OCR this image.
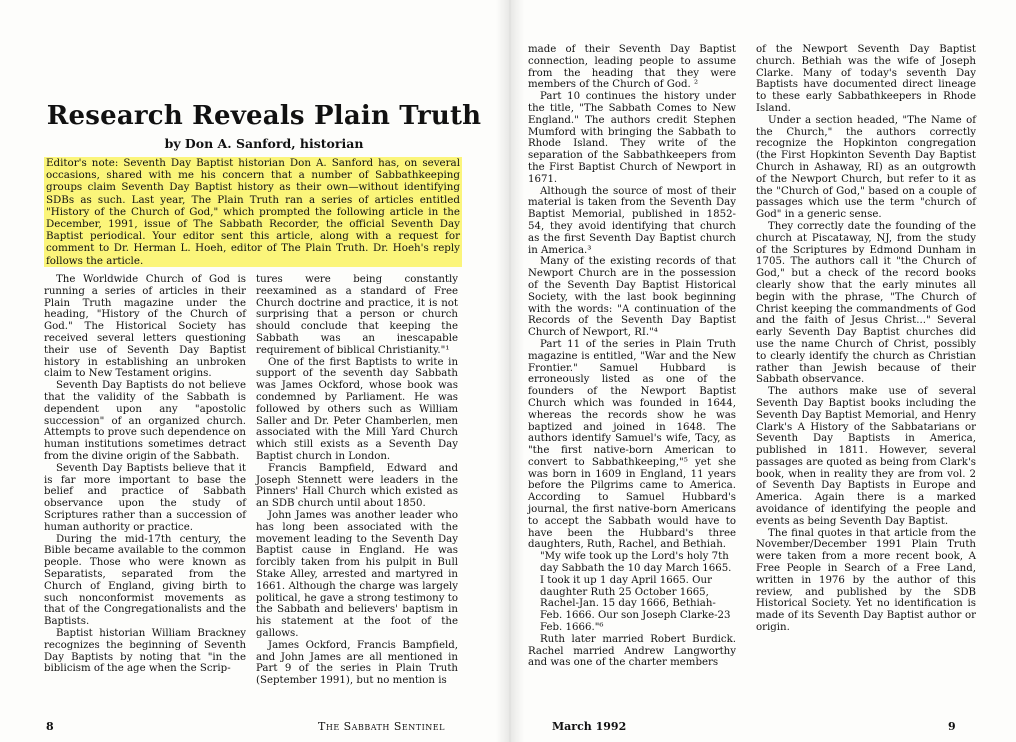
Research Reveals Plain Truth
by Don A. Sanford, historian
Editor's note: Seventh Day Baptist historian Don A. Sanford has, on several occasions, shared with me his concern that a number of Sabbathkeeping groups claim Seventh Day Baptist history as their own—without identifying SDBs as such. Last year, The Plain Truth ran a series of articles entitled "History of the Church of God," which prompted the following article in the December, 1991, issue of The Sabbath Recorder, the official Seventh Day Baptist periodical. Your editor sent this article, along with a request for comment to Dr. Herman L. Hoeh, editor of The Plain Truth. Dr. Hoeh's reply follows the article.

The Worldwide Church of God is running a series of articles in their Plain Truth magazine under the heading, "History of the Church of God." The Historical Society has received several letters questioning their use of Seventh Day Baptist history in establishing an unbroken claim to New Testament origins.

Seventh Day Baptists do not believe that the validity of the Sabbath is dependent upon any "apostolic succession" of an organized church. Attempts to prove such dependence on human institutions sometimes detract from the divine origin of the Sabbath.

Seventh Day Baptists believe that it is far more important to base the belief and practice of Sabbath observance upon the study of Scriptures rather than a succession of human authority or practice.

During the mid-17th century, the Bible became available to the common people. Those who were known as Separatists, separated from the Church of England, giving birth to such nonconformist movements as that of the Congregationalists and the Baptists.

Baptist historian William Brackney recognizes the beginning of Seventh Day Baptists by noting that "in the biblicism of the age when the Scrip-

tures were being constantly reexamined as a standard of Free Church doctrine and practice, it is not surprising that a person or church should conclude that keeping the Sabbath was an inescapable requirement of biblical Christianity."¹

One of the first Baptists to write in support of the seventh day Sabbath was James Ockford, whose book was condemned by Parliament. He was followed by others such as William Saller and Dr. Peter Chamberlen, men associated with the Mill Yard Church which still exists as a Seventh Day Baptist church in London.

Francis Bampfield, Edward and Joseph Stennett were leaders in the Pinners' Hall Church which existed as an SDB church until about 1850.

John James was another leader who has long been associated with the movement leading to the Seventh Day Baptist cause in England. He was forcibly taken from his pulpit in Bull Stake Alley, arrested and martyred in 1661. Although the charge was largely political, he gave a strong testimony to the Sabbath and believers' baptism in his statement at the foot of the gallows.

James Ockford, Francis Bampfield, and John James are all mentioned in Part 9 of the series in Plain Truth (September 1991), but no mention is

8	The Sabbath Sentinel

made of their Seventh Day Baptist connection, leading people to assume from the heading that they were members of the Church of God. ²

Part 10 continues the history under the title, "The Sabbath Comes to New England." The authors credit Stephen Mumford with bringing the Sabbath to Rhode Island. They write of the separation of the Sabbathkeepers from the First Baptist Church of Newport in 1671.

Although the source of most of their material is taken from the Seventh Day Baptist Memorial, published in 1852-54, they avoid identifying that church as the first Seventh Day Baptist church in America.³

Many of the existing records of that Newport Church are in the possession of the Seventh Day Baptist Historical Society, with the last book beginning with the words: "A continuation of the Records of the Seventh Day Baptist Church of Newport, RI."⁴

Part 11 of the series in Plain Truth magazine is entitled, "War and the New Frontier." Samuel Hubbard is erroneously listed as one of the founders of the Newport Baptist Church which was founded in 1644, whereas the records show he was baptized and joined in 1648. The authors identify Samuel's wife, Tacy, as "the first native-born American to convert to Sabbathkeeping,"⁵ yet she was born in 1609 in England, 11 years before the Pilgrims came to America. According to Samuel Hubbard's journal, the first native-born Americans to accept the Sabbath would have to have been the Hubbard's three daughters, Ruth, Rachel, and Bethiah.

"My wife took up the Lord's holy 7th day Sabbath the 10 day March 1665. I took it up 1 day April 1665. Our daughter Ruth 25 October 1665, Rachel-Jan. 15 day 1666, Bethiah-Feb. 1666. Our son Joseph Clarke-23 Feb. 1666."⁶

Ruth later married Robert Burdick. Rachel married Andrew Langworthy and was one of the charter members

of the Newport Seventh Day Baptist church. Bethiah was the wife of Joseph Clarke. Many of today's seventh Day Baptists have documented direct lineage to these early Sabbathkeepers in Rhode Island.

Under a section headed, "The Name of the Church," the authors correctly recognize the Hopkinton congregation (the First Hopkinton Seventh Day Baptist Church in Ashaway, RI) as an outgrowth of the Newport Church, but refer to it as the "Church of God," based on a couple of passages which use the term "church of God" in a generic sense.

They correctly date the founding of the church at Piscataway, NJ, from the study of the Scriptures by Edmond Dunham in 1705. The authors call it "the Church of God," but a check of the record books clearly show that the early minutes all begin with the phrase, "The Church of Christ keeping the commandments of God and the faith of Jesus Christ..." Several early Seventh Day Baptist churches did use the name Church of Christ, possibly to clearly identify the church as Christian rather than Jewish because of their Sabbath observance.

The authors make use of several Seventh Day Baptist books including the Seventh Day Baptist Memorial, and Henry Clark's A History of the Sabbatarians or Seventh Day Baptists in America, published in 1811. However, several passages are quoted as being from Clark's book, when in reality they are from vol. 2 of Seventh Day Baptists in Europe and America. Again there is a marked avoidance of identifying the people and events as being Seventh Day Baptist.

The final quotes in that article from the November/December 1991 Plain Truth were taken from a more recent book, A Free People in Search of a Free Land, written in 1976 by the author of this review, and published by the SDB Historical Society. Yet no identification is made of its Seventh Day Baptist author or origin.

March 1992	9
